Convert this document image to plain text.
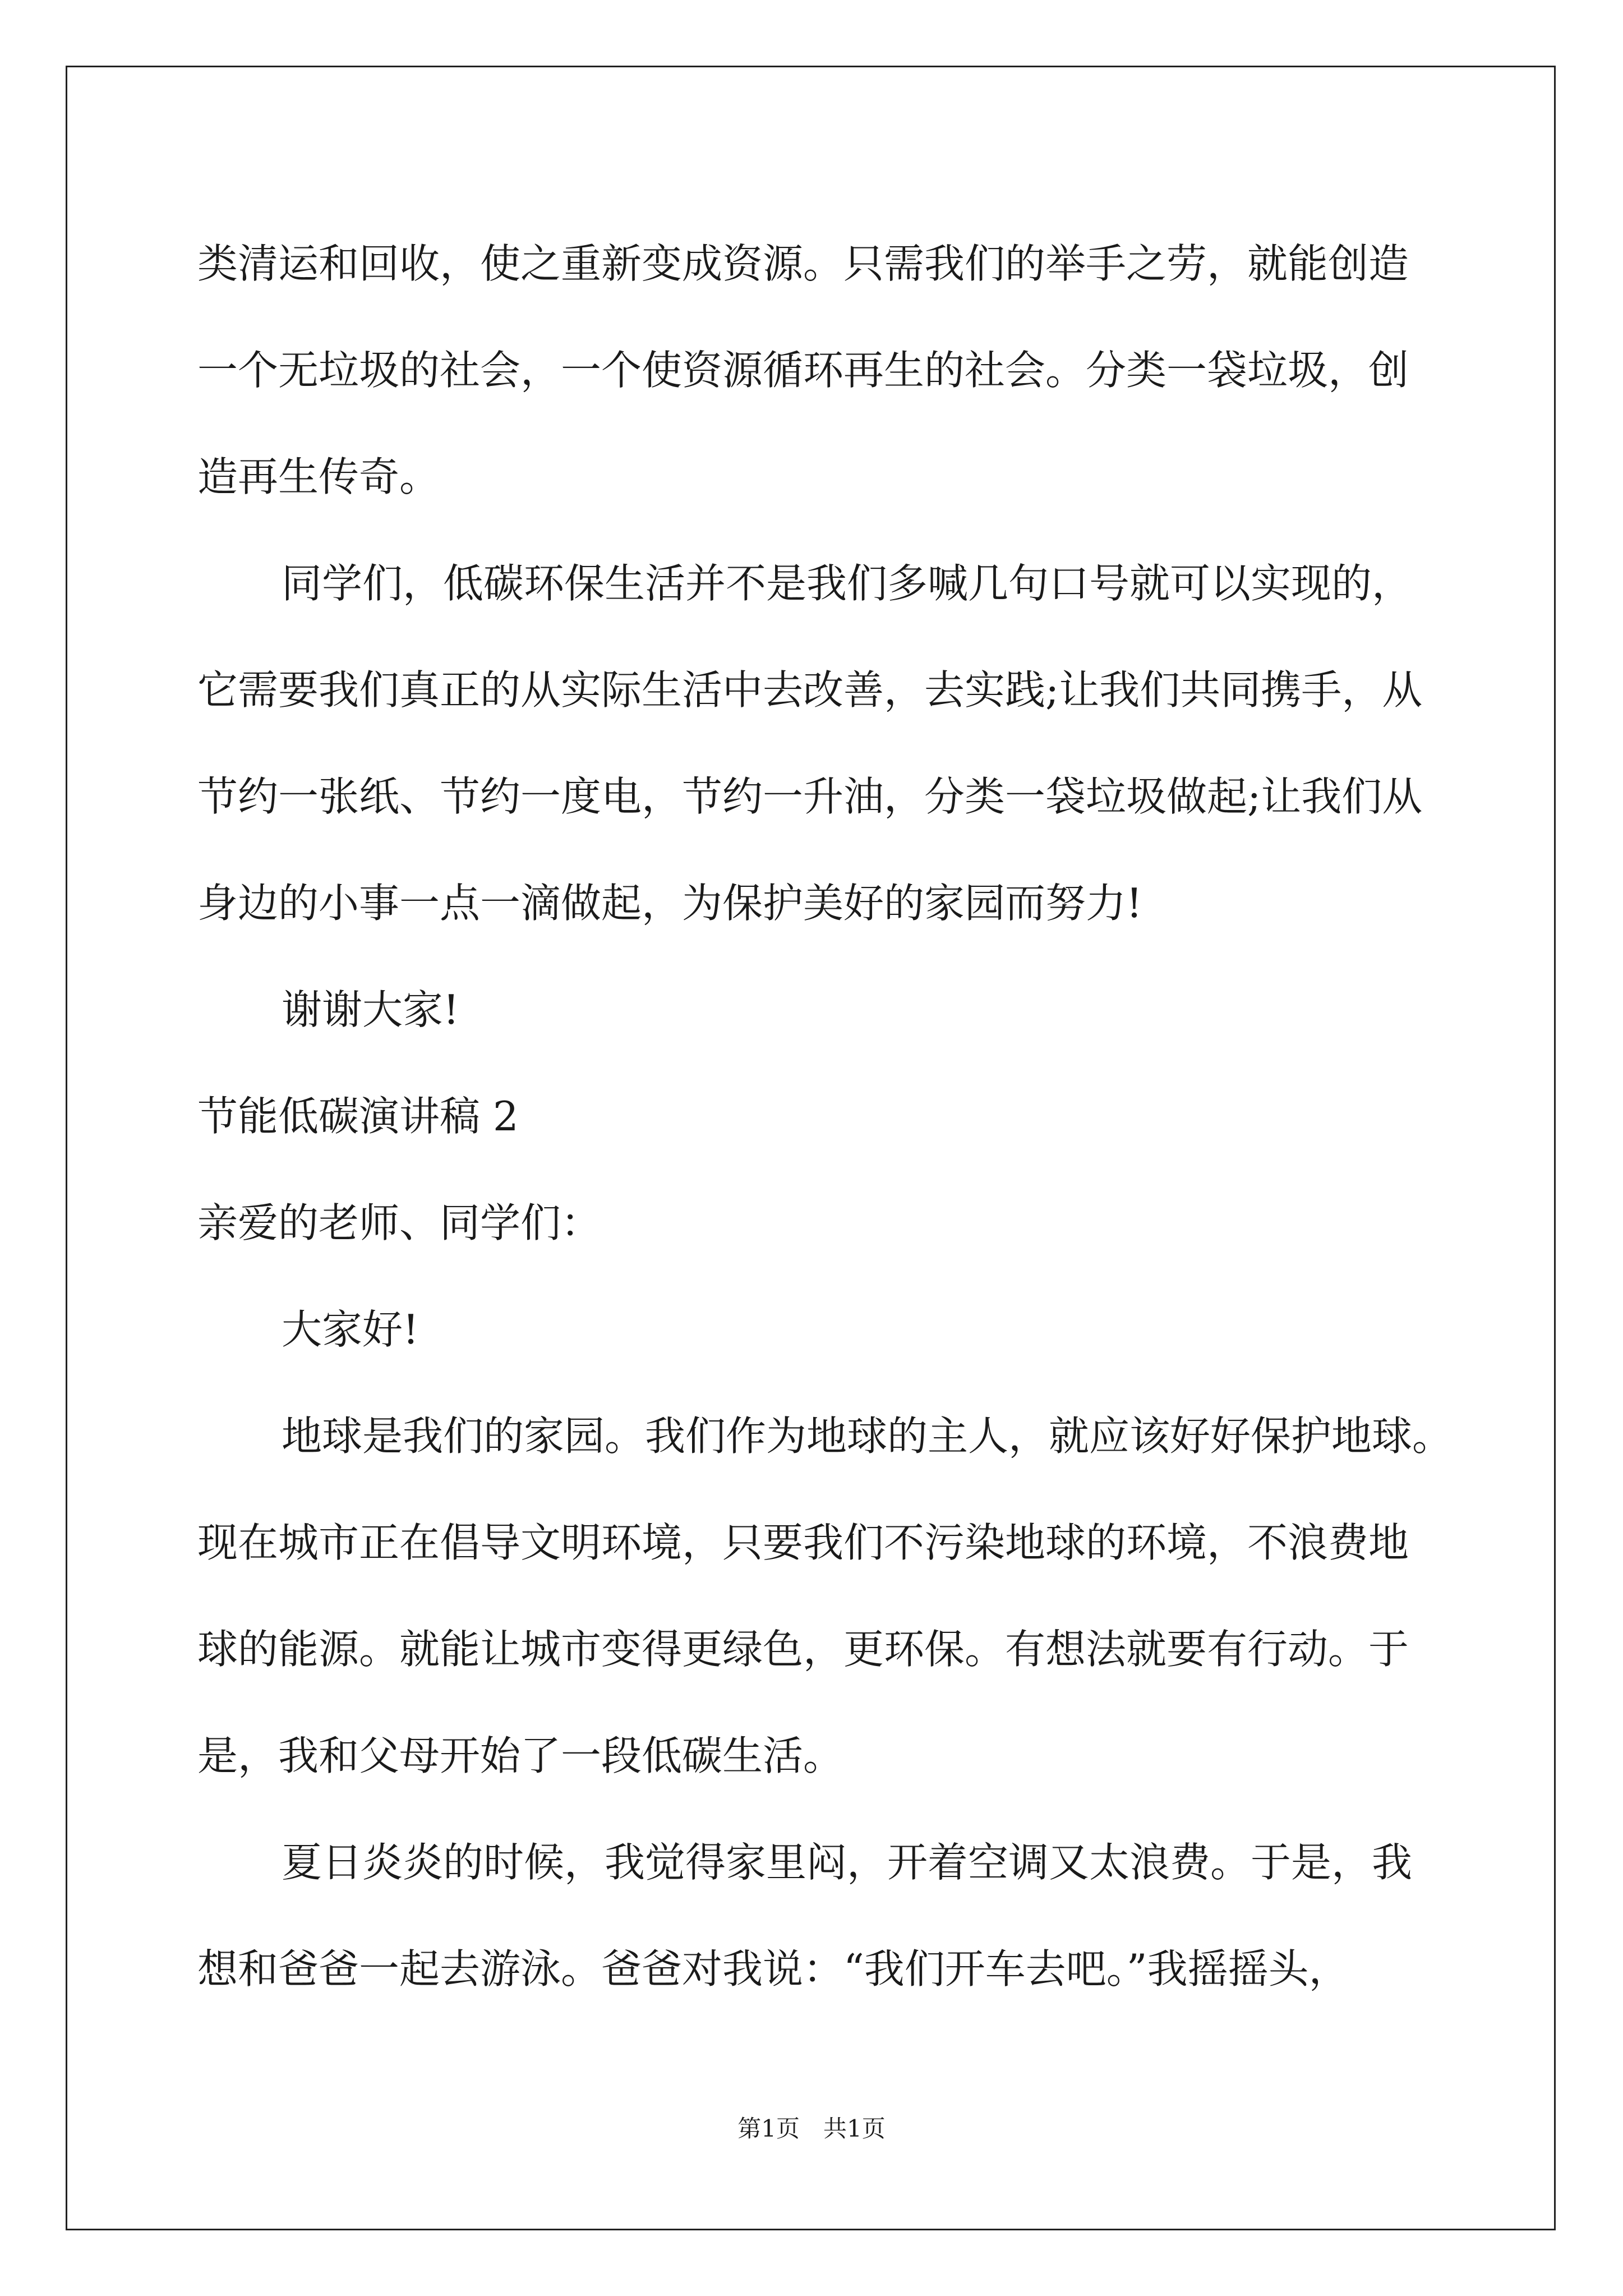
类清运和回收，使之重新变成资源。只需我们的举手之劳，就能创造
一个无垃圾的社会，一个使资源循环再生的社会。分类一袋垃圾，创
造再生传奇。
同学们，低碳环保生活并不是我们多喊几句口号就可以实现的，
它需要我们真正的从实际生活中去改善，去实践;让我们共同携手，从
节约一张纸、节约一度电，节约一升油，分类一袋垃圾做起;让我们从
身边的小事一点一滴做起，为保护美好的家园而努力!
谢谢大家!
节能低碳演讲稿 2
亲爱的老师、同学们：
大家好!
地球是我们的家园。我们作为地球的主人，就应该好好保护地球。
现在城市正在倡导文明环境，只要我们不污染地球的环境，不浪费地
球的能源。就能让城市变得更绿色，更环保。有想法就要有行动。于
是，我和父母开始了一段低碳生活。
夏日炎炎的时候，我觉得家里闷，开着空调又太浪费。于是，我
想和爸爸一起去游泳。爸爸对我说：“我们开车去吧。”我摇摇头，
第1页　共1页
